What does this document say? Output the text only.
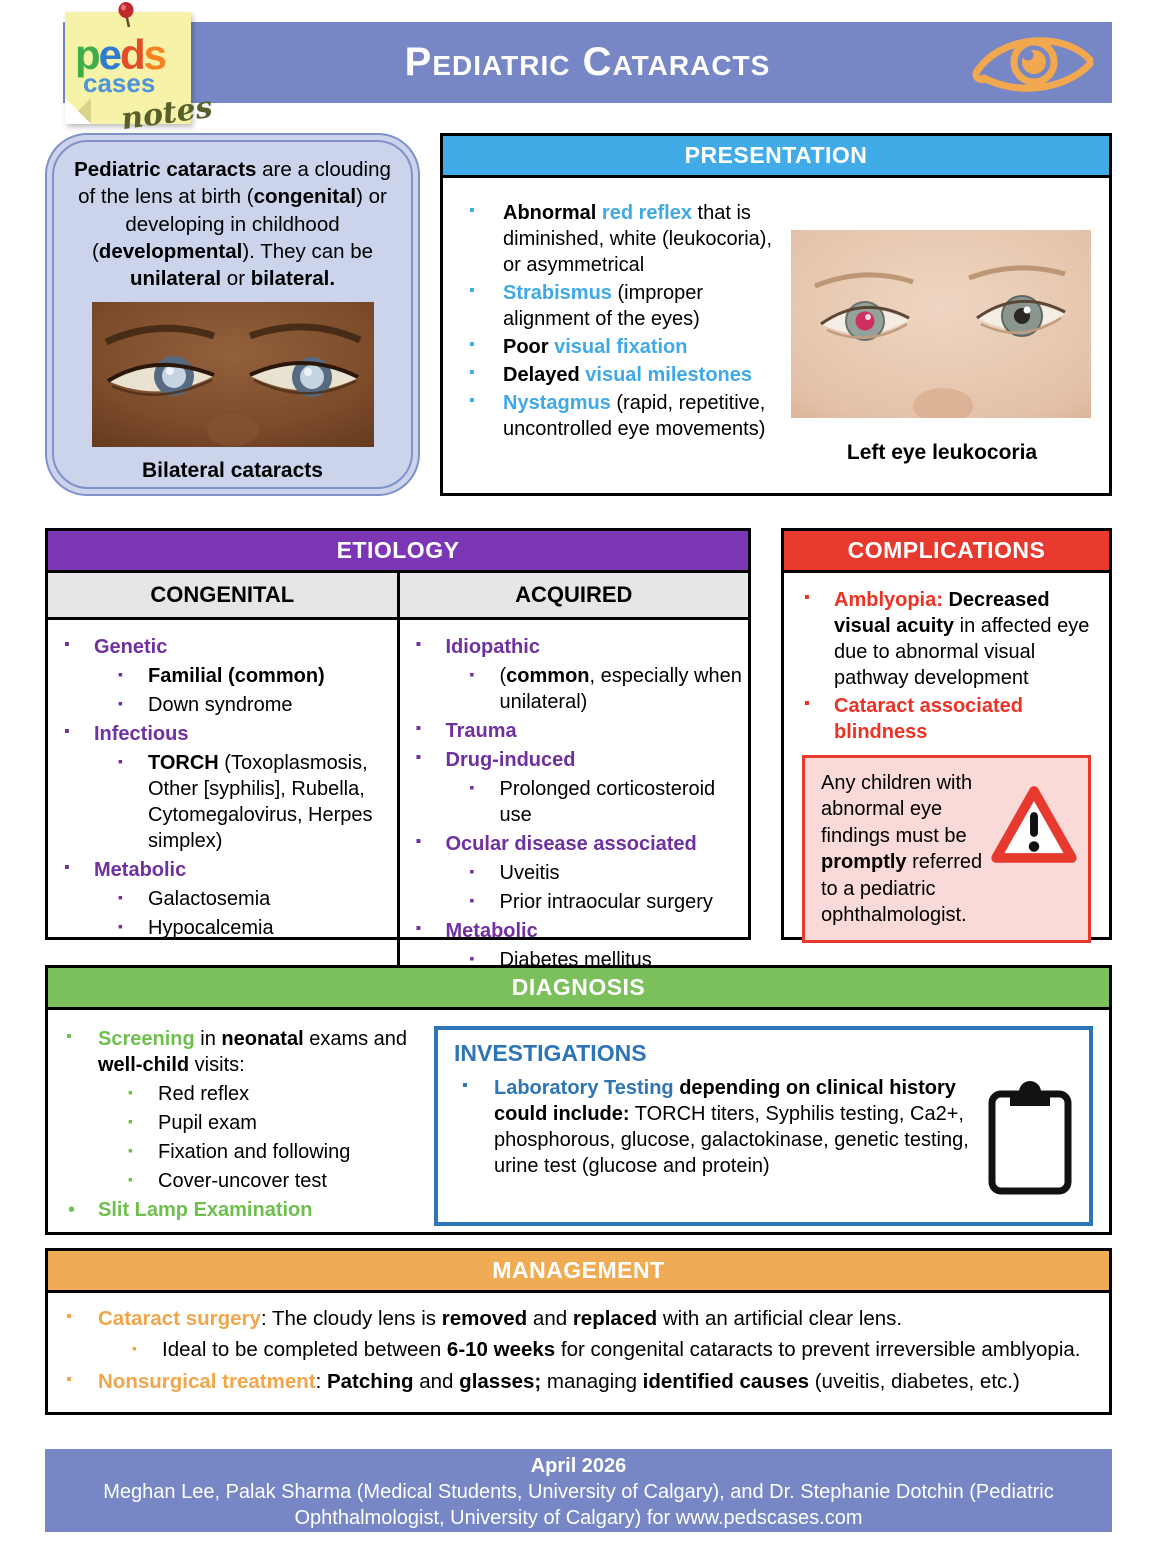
Pediatric Cataracts
peds
cases
notes
Pediatric cataracts are a clouding of the lens at birth (congenital) or developing in childhood (developmental). They can be unilateral or bilateral.
Bilateral cataracts
PRESENTATION
▪ Abnormal red reflex that is diminished, white (leukocoria), or asymmetrical
▪ Strabismus (improper alignment of the eyes)
▪ Poor visual fixation
▪ Delayed visual milestones
▪ Nystagmus (rapid, repetitive, uncontrolled eye movements)
Left eye leukocoria
ETIOLOGY
CONGENITAL	ACQUIRED
▪ Genetic
▪ Familial (common)
▪ Down syndrome
▪ Infectious
▪ TORCH (Toxoplasmosis, Other [syphilis], Rubella, Cytomegalovirus, Herpes simplex)
▪ Metabolic
▪ Galactosemia
▪ Hypocalcemia
▪ Idiopathic
▪ (common, especially when unilateral)
▪ Trauma
▪ Drug-induced
▪ Prolonged corticosteroid use
▪ Ocular disease associated
▪ Uveitis
▪ Prior intraocular surgery
▪ Metabolic
▪ Diabetes mellitus
COMPLICATIONS
▪ Amblyopia: Decreased visual acuity in affected eye due to abnormal visual pathway development
▪ Cataract associated blindness
Any children with abnormal eye findings must be promptly referred to a pediatric ophthalmologist.
DIAGNOSIS
▪ Screening in neonatal exams and well-child visits:
▪ Red reflex
▪ Pupil exam
▪ Fixation and following
▪ Cover-uncover test
• Slit Lamp Examination
INVESTIGATIONS
▪ Laboratory Testing depending on clinical history could include: TORCH titers, Syphilis testing, Ca2+, phosphorous, glucose, galactokinase, genetic testing, urine test (glucose and protein)
MANAGEMENT
▪ Cataract surgery: The cloudy lens is removed and replaced with an artificial clear lens.
▪ Ideal to be completed between 6-10 weeks for congenital cataracts to prevent irreversible amblyopia.
▪ Nonsurgical treatment: Patching and glasses; managing identified causes (uveitis, diabetes, etc.)
April 2026
Meghan Lee, Palak Sharma (Medical Students, University of Calgary), and Dr. Stephanie Dotchin (Pediatric Ophthalmologist, University of Calgary) for www.pedscases.com
